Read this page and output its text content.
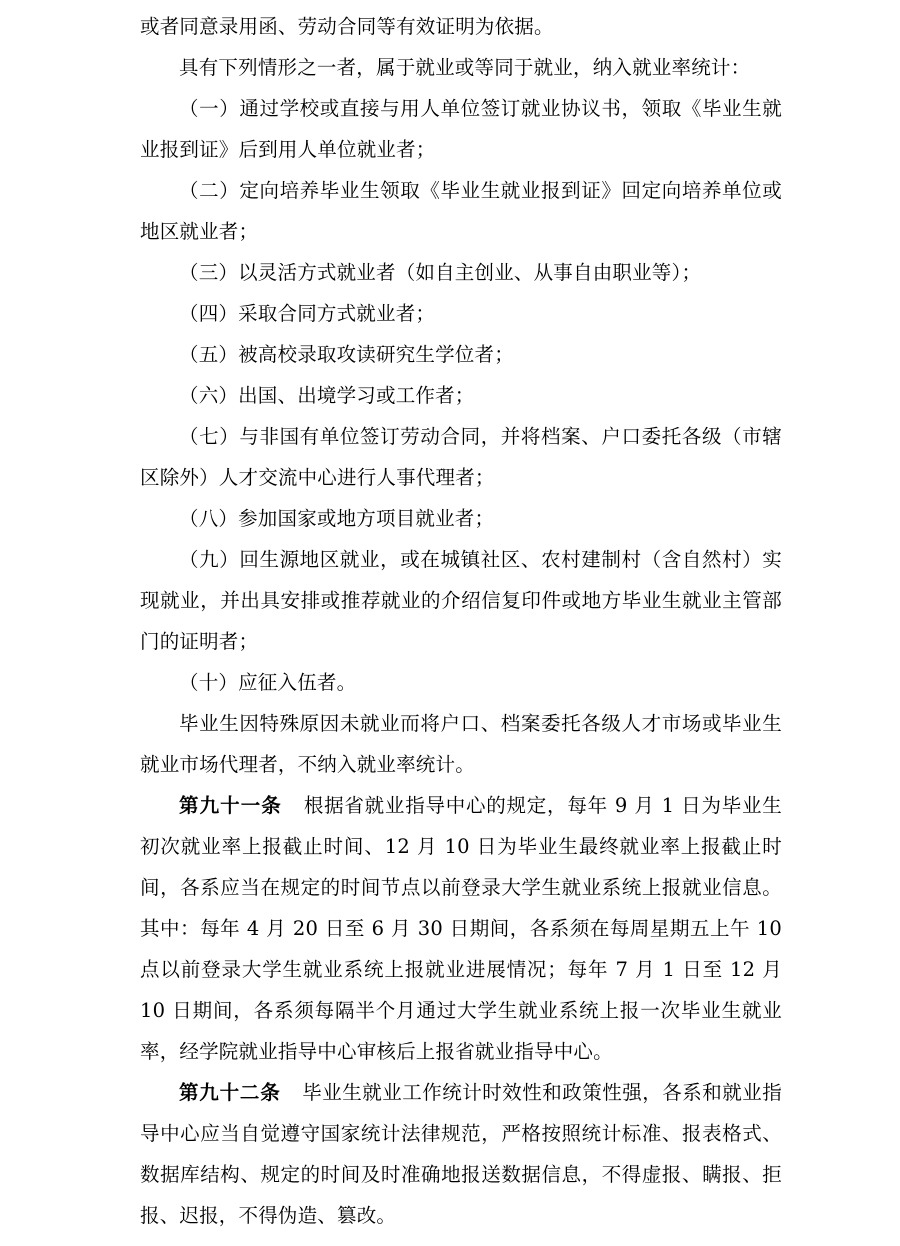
或者同意录用函、劳动合同等有效证明为依据。

具有下列情形之一者，属于就业或等同于就业，纳入就业率统计：

（一）通过学校或直接与用人单位签订就业协议书，领取《毕业生就业报到证》后到用人单位就业者；

（二）定向培养毕业生领取《毕业生就业报到证》回定向培养单位或地区就业者；

（三）以灵活方式就业者（如自主创业、从事自由职业等）；

（四）采取合同方式就业者；

（五）被高校录取攻读研究生学位者；

（六）出国、出境学习或工作者；

（七）与非国有单位签订劳动合同，并将档案、户口委托各级（市辖区除外）人才交流中心进行人事代理者；

（八）参加国家或地方项目就业者；

（九）回生源地区就业，或在城镇社区、农村建制村（含自然村）实现就业，并出具安排或推荐就业的介绍信复印件或地方毕业生就业主管部门的证明者；

（十）应征入伍者。

毕业生因特殊原因未就业而将户口、档案委托各级人才市场或毕业生就业市场代理者，不纳入就业率统计。

第九十一条 根据省就业指导中心的规定，每年 9 月 1 日为毕业生初次就业率上报截止时间、12 月 10 日为毕业生最终就业率上报截止时间，各系应当在规定的时间节点以前登录大学生就业系统上报就业信息。其中：每年 4 月 20 日至 6 月 30 日期间，各系须在每周星期五上午 10 点以前登录大学生就业系统上报就业进展情况；每年 7 月 1 日至 12 月 10 日期间，各系须每隔半个月通过大学生就业系统上报一次毕业生就业率，经学院就业指导中心审核后上报省就业指导中心。

第九十二条 毕业生就业工作统计时效性和政策性强，各系和就业指导中心应当自觉遵守国家统计法律规范，严格按照统计标准、报表格式、数据库结构、规定的时间及时准确地报送数据信息，不得虚报、瞒报、拒报、迟报，不得伪造、篡改。
